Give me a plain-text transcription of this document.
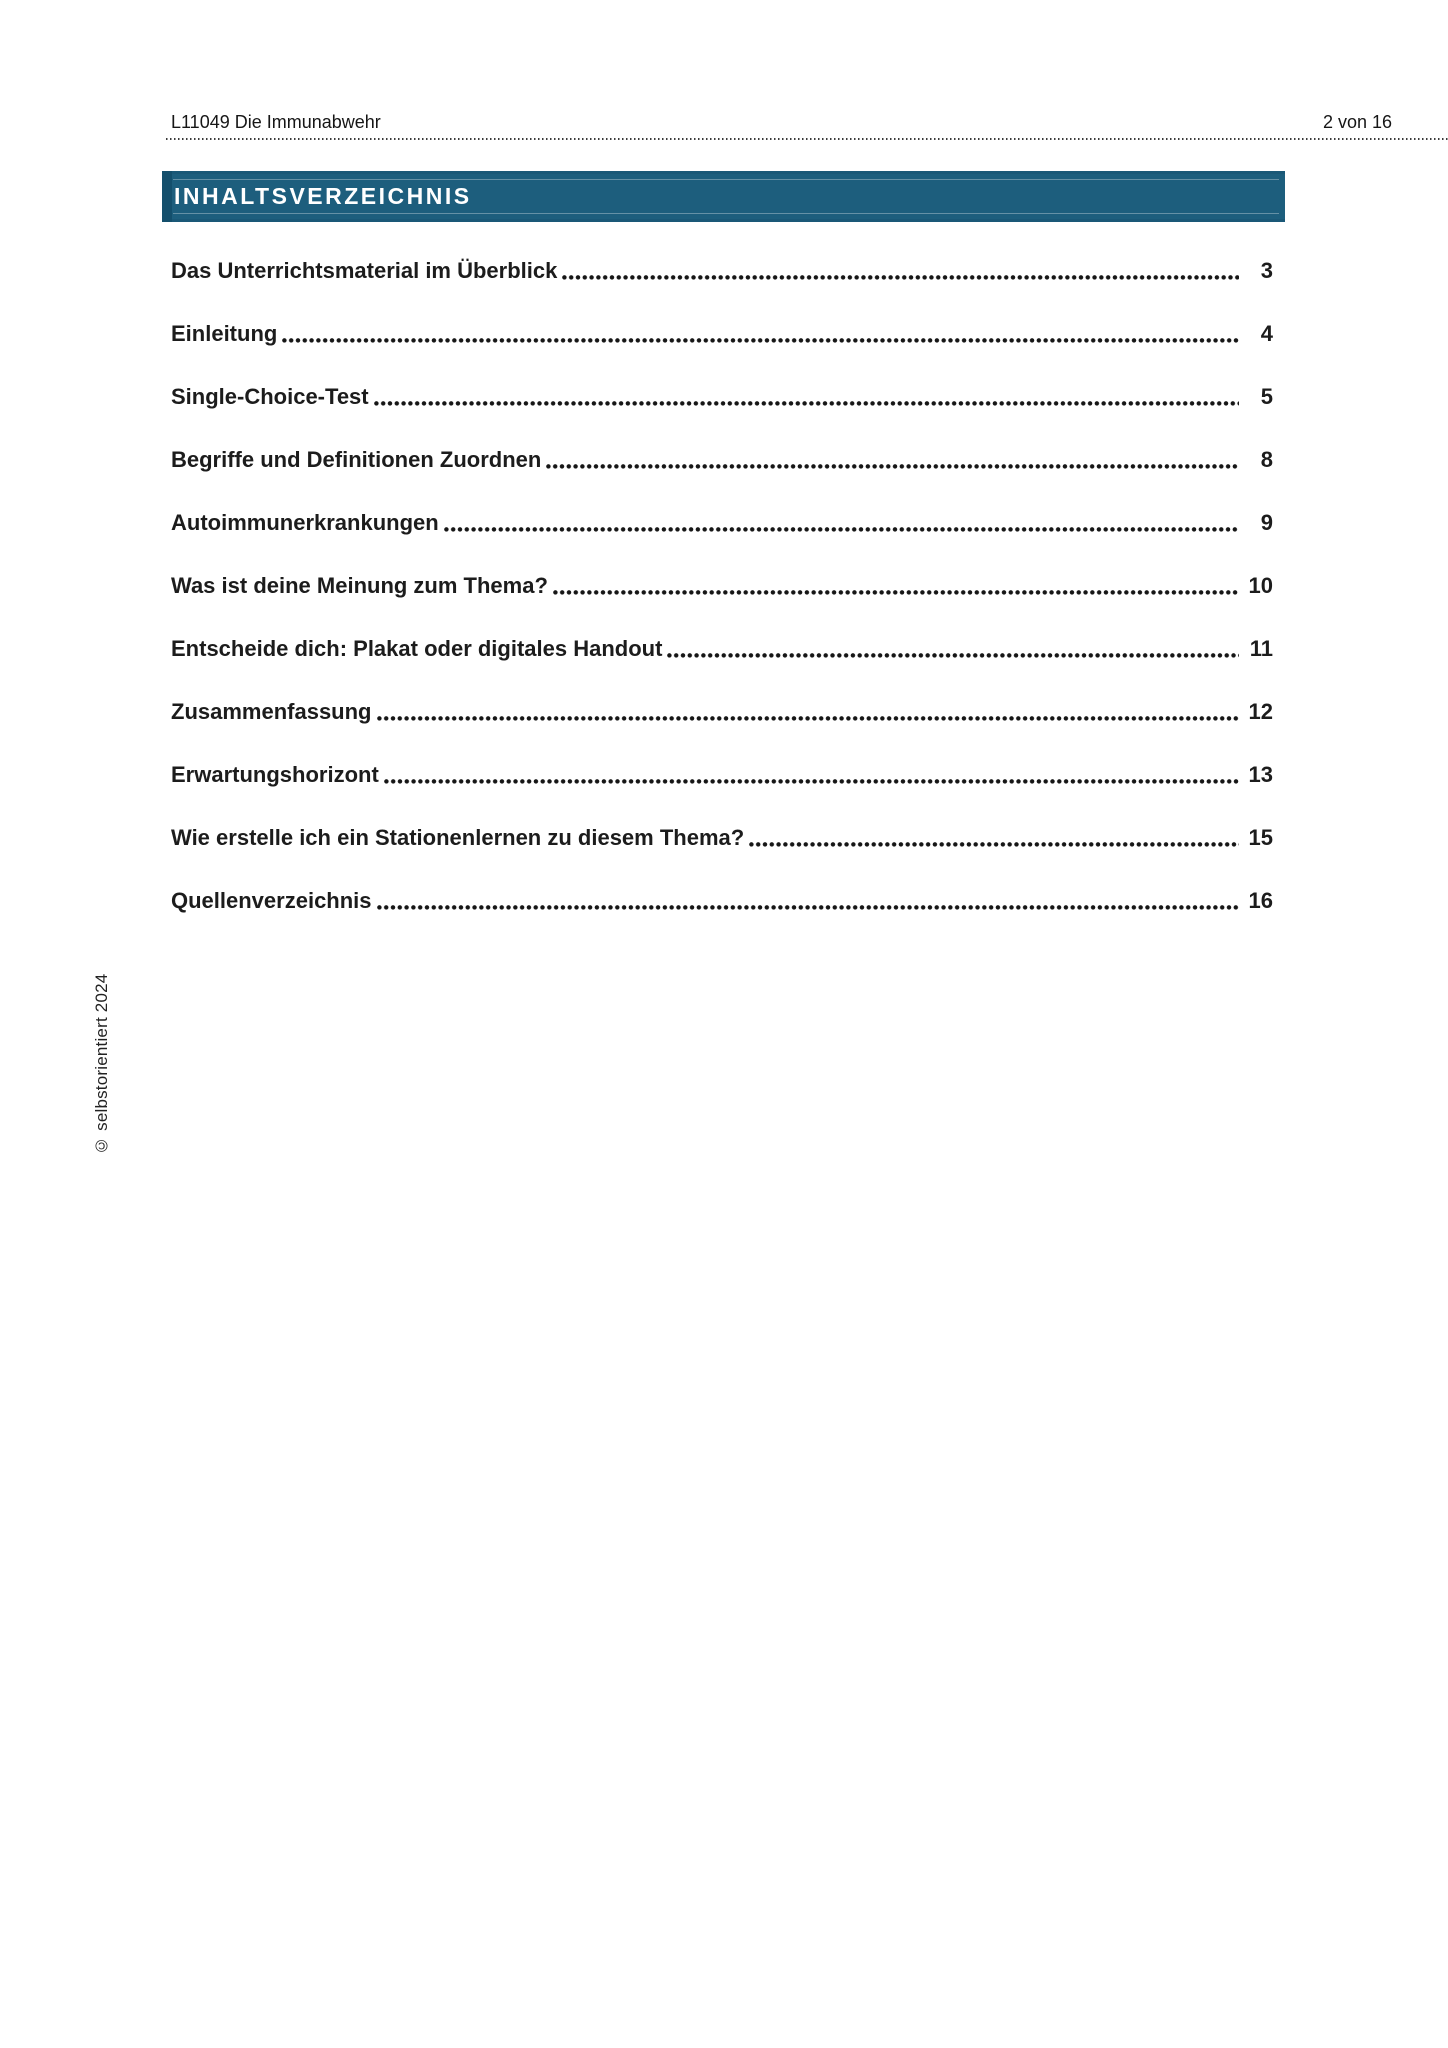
L11049 Die Immunabwehr	2 von 16
INHALTSVERZEICHNIS
Das Unterrichtsmaterial im Überblick	3
Einleitung	4
Single-Choice-Test	5
Begriffe und Definitionen Zuordnen	8
Autoimmunerkrankungen	9
Was ist deine Meinung zum Thema?	10
Entscheide dich: Plakat oder digitales Handout	11
Zusammenfassung	12
Erwartungshorizont	13
Wie erstelle ich ein Stationenlernen zu diesem Thema?	15
Quellenverzeichnis	16
© selbstorientiert 2024
